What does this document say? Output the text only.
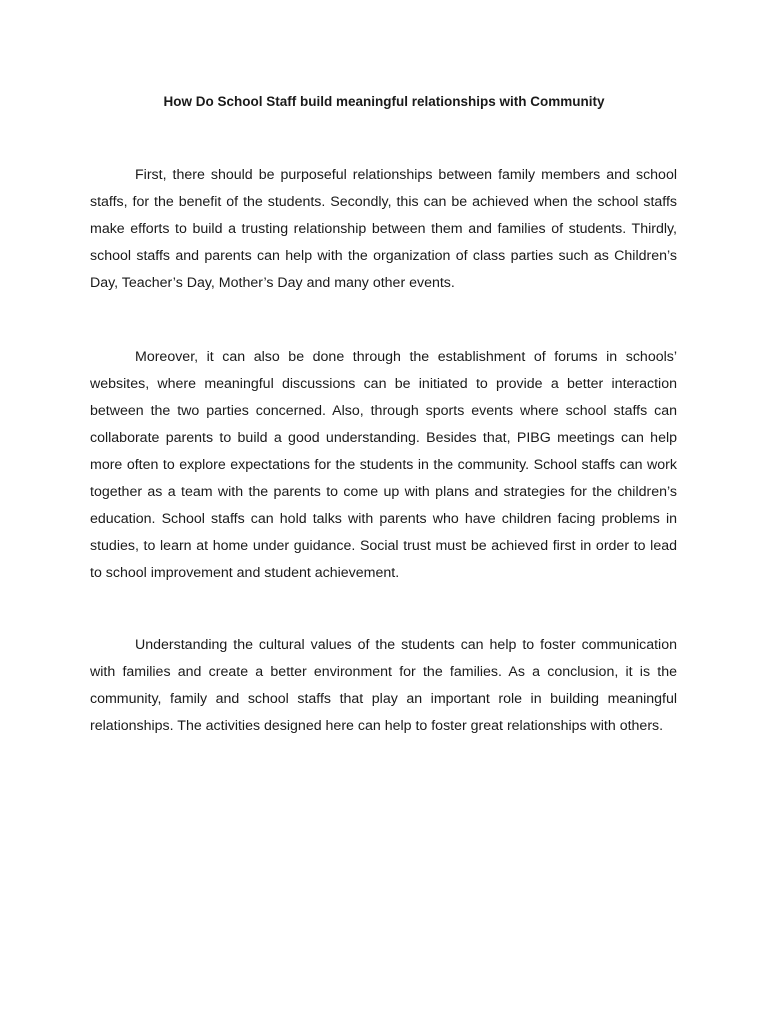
How Do School Staff build meaningful relationships with Community

First, there should be purposeful relationships between family members and school staffs, for the benefit of the students. Secondly, this can be achieved when the school staffs make efforts to build a trusting relationship between them and families of students. Thirdly, school staffs and parents can help with the organization of class parties such as Children’s Day, Teacher’s Day, Mother’s Day and many other events.

Moreover, it can also be done through the establishment of forums in schools’ websites, where meaningful discussions can be initiated to provide a better interaction between the two parties concerned. Also, through sports events where school staffs can collaborate parents to build a good understanding. Besides that, PIBG meetings can help more often to explore expectations for the students in the community. School staffs can work together as a team with the parents to come up with plans and strategies for the children’s education. School staffs can hold talks with parents who have children facing problems in studies, to learn at home under guidance. Social trust must be achieved first in order to lead to school improvement and student achievement.

Understanding the cultural values of the students can help to foster communication with families and create a better environment for the families. As a conclusion, it is the community, family and school staffs that play an important role in building meaningful relationships. The activities designed here can help to foster great relationships with others.
